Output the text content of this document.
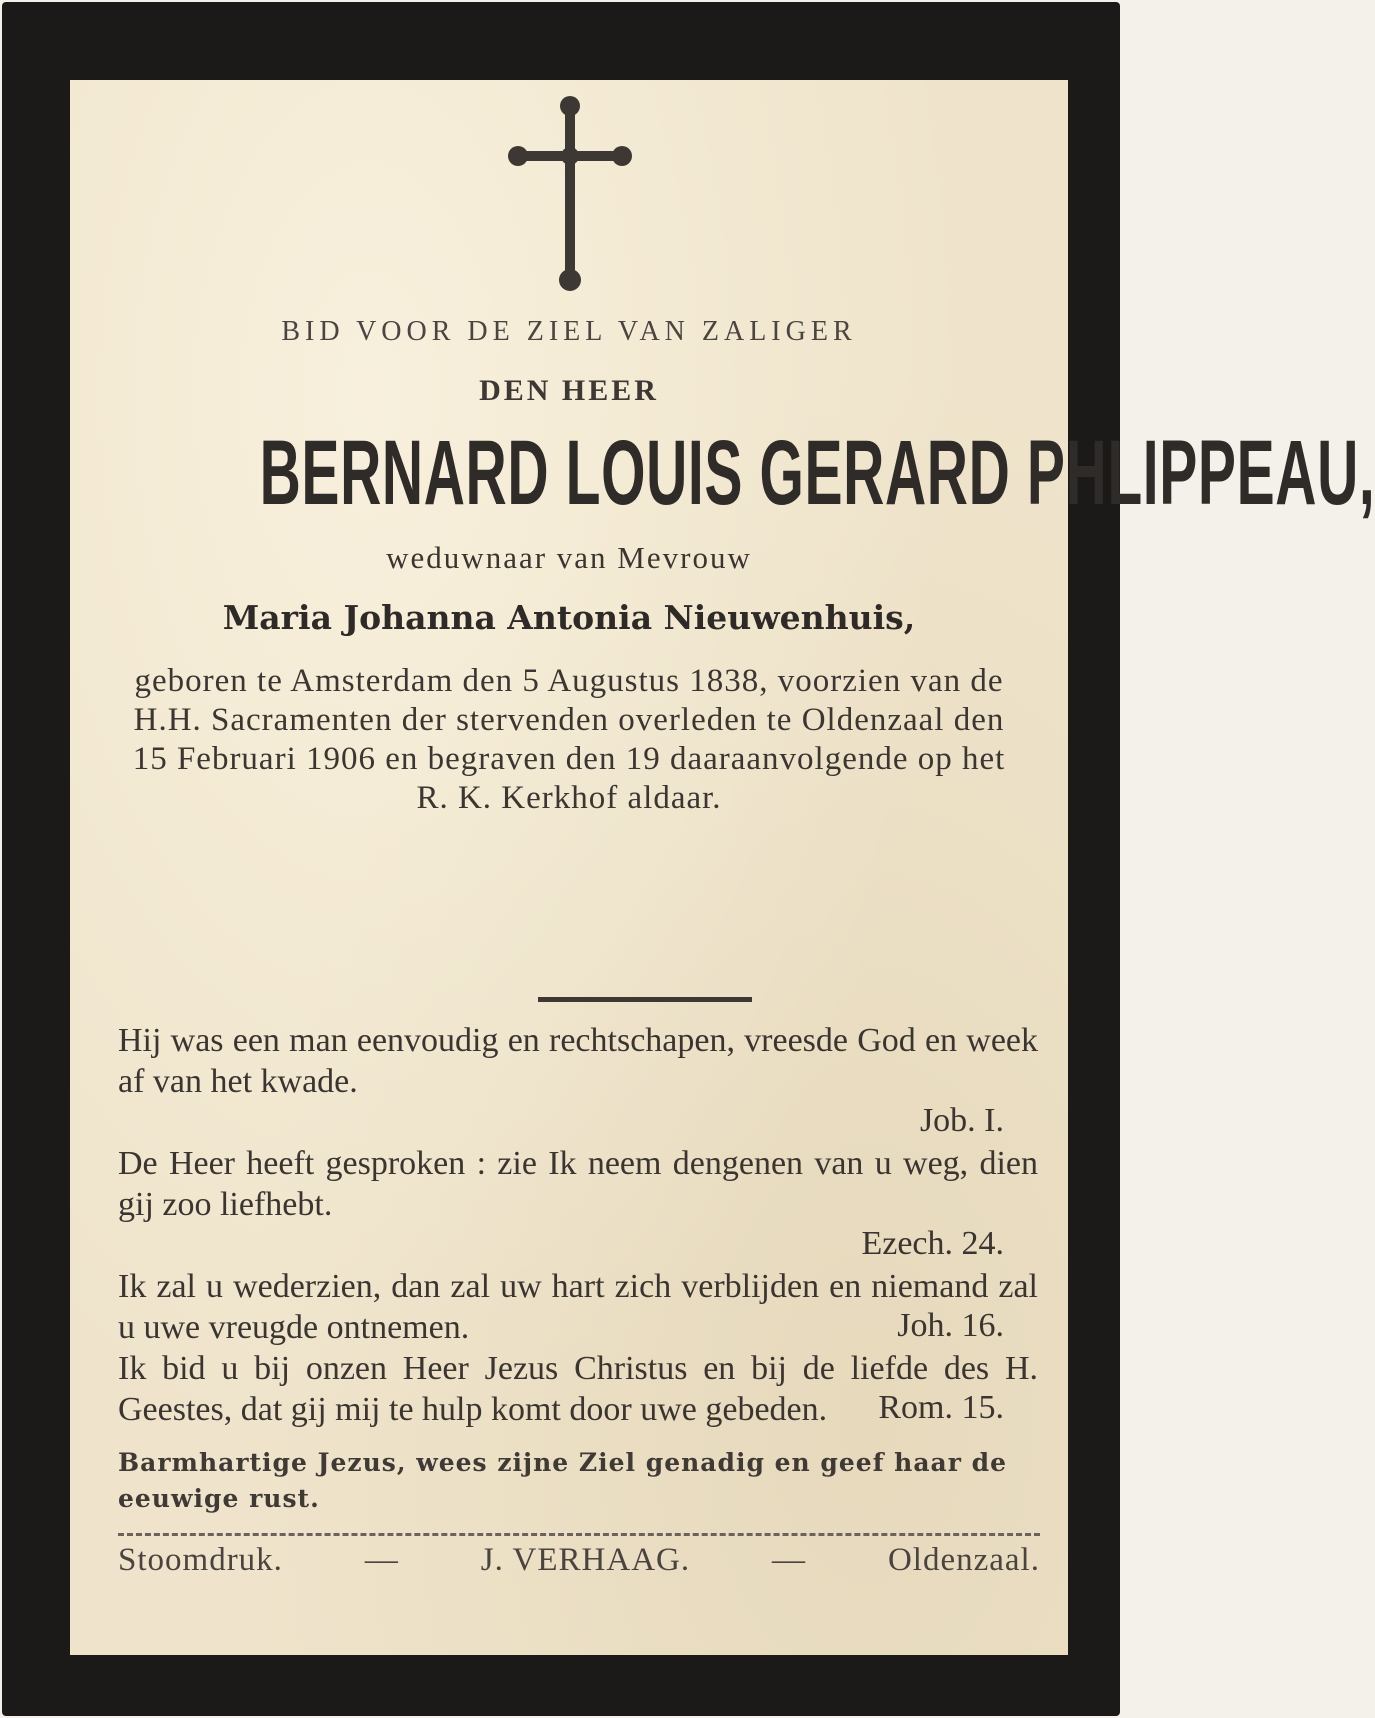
BID VOOR DE ZIEL VAN ZALIGER
DEN HEER
BERNARD LOUIS GERARD PHLIPPEAU,
weduwnaar van Mevrouw
Maria Johanna Antonia Nieuwenhuis,
geboren te Amsterdam den 5 Augustus 1838, voorzien van de H.H. Sacramenten der stervenden overleden te Oldenzaal den 15 Februari 1906 en begraven den 19 daaraanvolgende op het R. K. Kerkhof aldaar.
Hij was een man eenvoudig en rechtschapen, vreesde God en week af van het kwade.
Job. I.
De Heer heeft gesproken : zie Ik neem dengenen van u weg, dien gij zoo liefhebt.
Ezech. 24.
Ik zal u wederzien, dan zal uw hart zich verblijden en niemand zal u uwe vreugde ontnemen.	Joh. 16.
Ik bid u bij onzen Heer Jezus Christus en bij de liefde des H. Geestes, dat gij mij te hulp komt door uwe gebeden.	Rom. 15.
Barmhartige Jezus, wees zijne Ziel genadig en geef haar de eeuwige rust.
Stoomdruk. — J. VERHAAG. — Oldenzaal.
